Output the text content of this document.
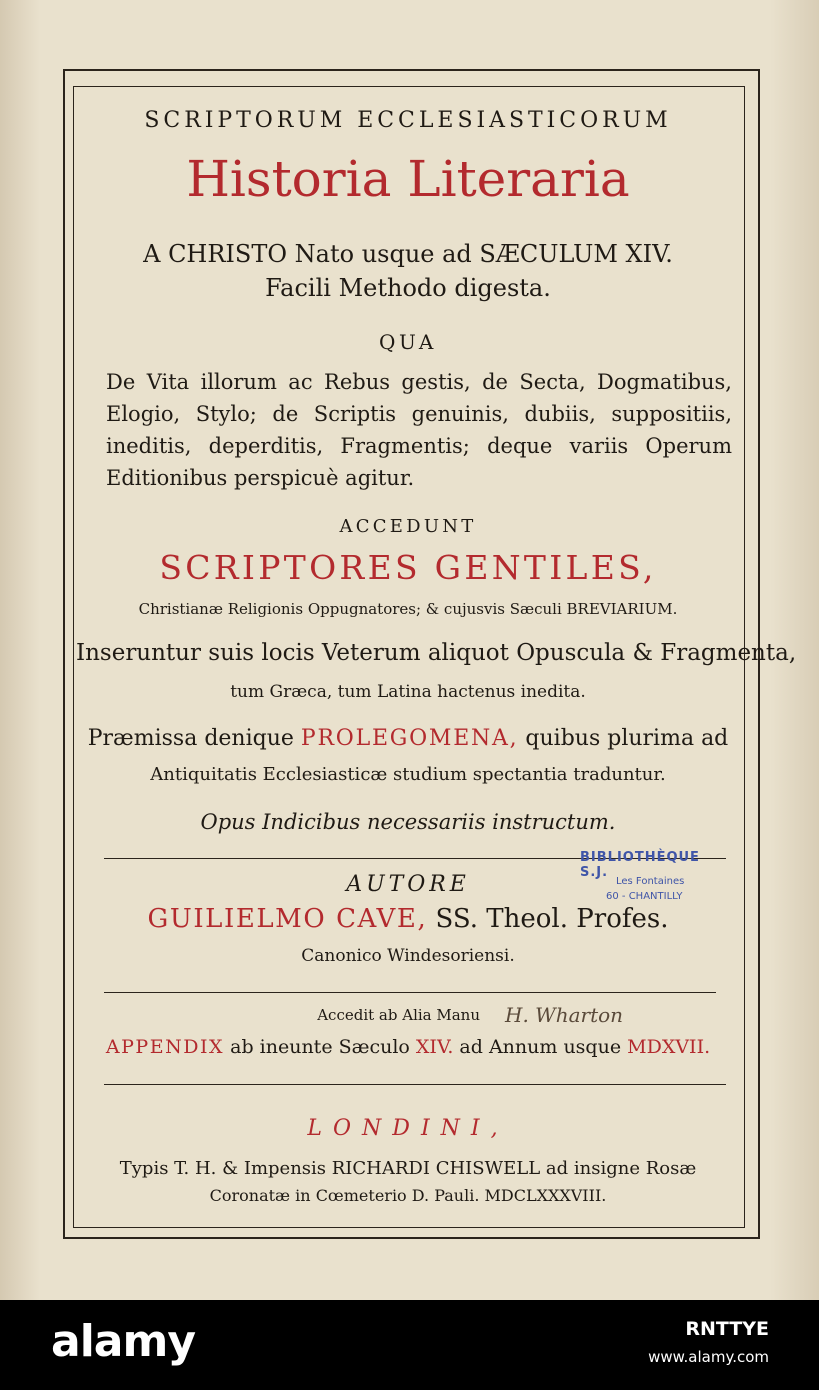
SCRIPTORUM ECCLESIASTICORUM
Historia Literaria
A CHRISTO Nato usque ad SÆCULUM XIV.
Facili Methodo digesta.
QUA
De Vita illorum ac Rebus gestis, de Secta, Dogmatibus,
Elogio, Stylo; de Scriptis genuinis, dubiis, suppositiis,
ineditis, deperditis, Fragmentis; deque variis Operum
Editionibus perspicuè agitur.
ACCEDUNT
SCRIPTORES GENTILES,
Christianæ Religionis Oppugnatores; & cujusvis Sæculi BREVIARIUM.
Inseruntur suis locis Veterum aliquot Opuscula & Fragmenta,
tum Græca, tum Latina hactenus inedita.
Præmissa denique PROLEGOMENA, quibus plurima ad
Antiquitatis Ecclesiasticæ studium spectantia traduntur.
Opus Indicibus necessariis instructum.
AUTORE
GUILIELMO CAVE, SS. Theol. Profes.
Canonico Windesoriensi.
Accedit ab Alia Manu
APPENDIX ab ineunte Sæculo XIV. ad Annum usque MDXVII.
LONDINI,
Typis T. H. & Impensis RICHARDI CHISWELL ad insigne Rosæ
Coronatæ in Cœmeterio D. Pauli. MDCLXXXVIII.
H. Wharton
BIBLIOTHÈQUE S.J.
Les Fontaines
60 - CHANTILLY
alamy	RNTTYE
www.alamy.com
